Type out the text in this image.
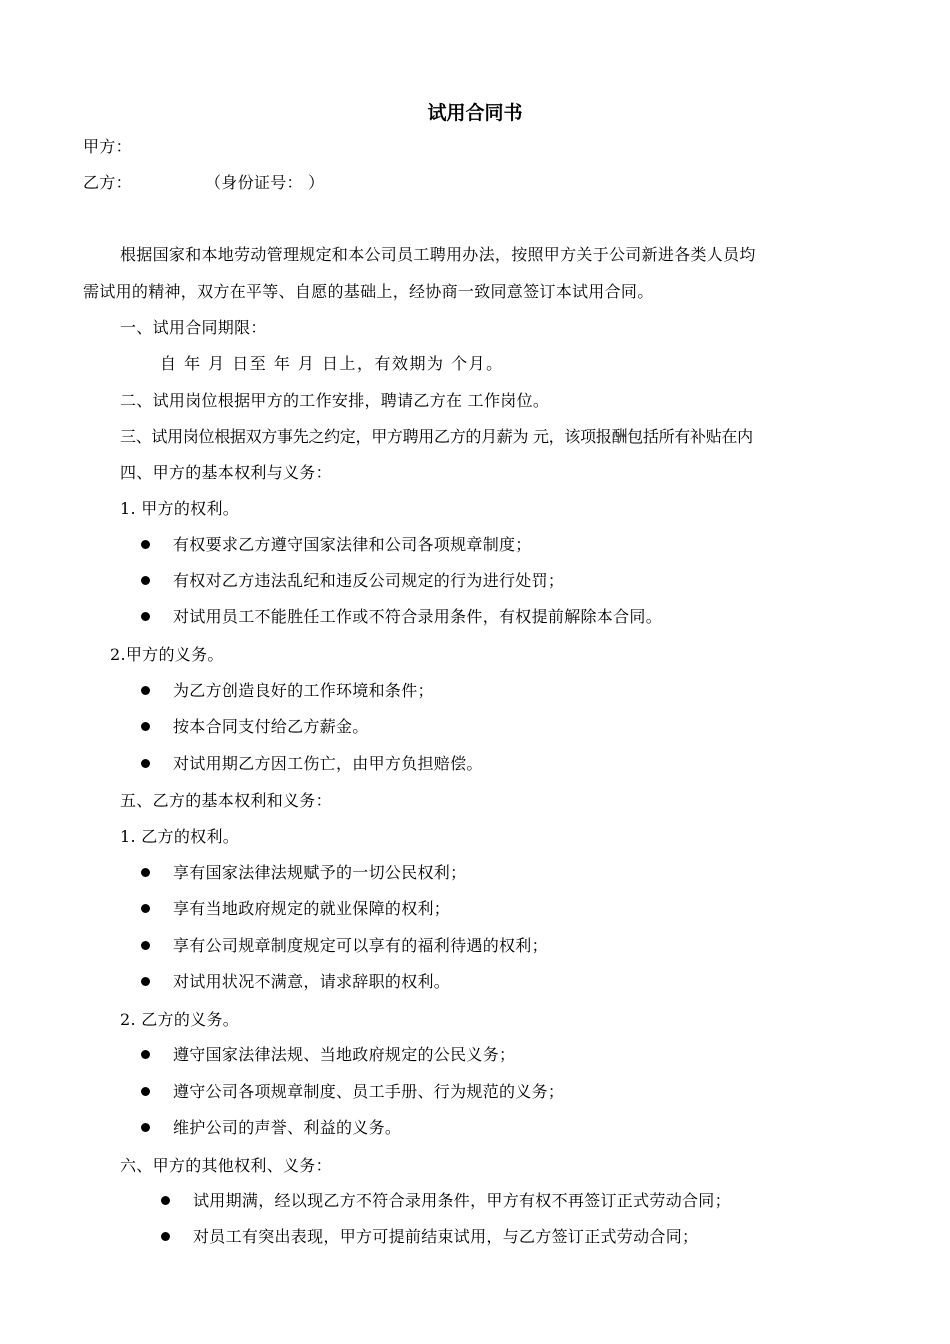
试用合同书
甲方：
乙方：	（身份证号： ）
根据国家和本地劳动管理规定和本公司员工聘用办法，按照甲方关于公司新进各类人员均
需试用的精神，双方在平等、自愿的基础上，经协商一致同意签订本试用合同。
一、试用合同期限：
自 年 月 日至 年 月 日上，有效期为 个月。
二、试用岗位根据甲方的工作安排，聘请乙方在 工作岗位。
三、试用岗位根据双方事先之约定，甲方聘用乙方的月薪为 元，该项报酬包括所有补贴在内
四、甲方的基本权利与义务：
1. 甲方的权利。
有权要求乙方遵守国家法律和公司各项规章制度；
有权对乙方违法乱纪和违反公司规定的行为进行处罚；
对试用员工不能胜任工作或不符合录用条件，有权提前解除本合同。
2.甲方的义务。
为乙方创造良好的工作环境和条件；
按本合同支付给乙方薪金。
对试用期乙方因工伤亡，由甲方负担赔偿。
五、乙方的基本权利和义务：
1. 乙方的权利。
享有国家法律法规赋予的一切公民权利；
享有当地政府规定的就业保障的权利；
享有公司规章制度规定可以享有的福利待遇的权利；
对试用状况不满意，请求辞职的权利。
2. 乙方的义务。
遵守国家法律法规、当地政府规定的公民义务；
遵守公司各项规章制度、员工手册、行为规范的义务；
维护公司的声誉、利益的义务。
六、甲方的其他权利、义务：
试用期满，经以现乙方不符合录用条件，甲方有权不再签订正式劳动合同；
对员工有突出表现，甲方可提前结束试用，与乙方签订正式劳动合同；
